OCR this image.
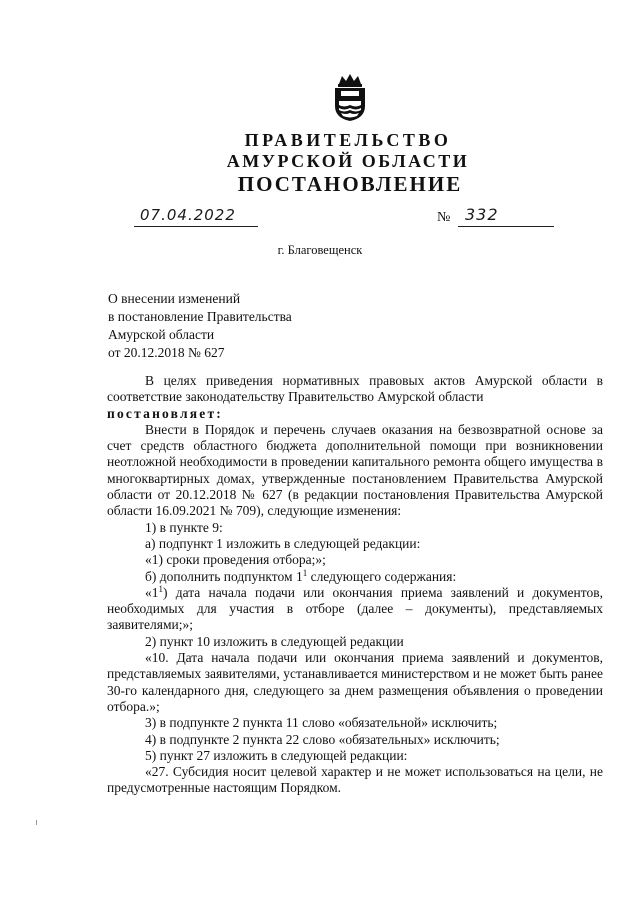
ПРАВИТЕЛЬСТВО
АМУРСКОЙ ОБЛАСТИ
ПОСТАНОВЛЕНИЕ
07.04.2022	№ 332
г. Благовещенск
О внесении изменений
в постановление Правительства
Амурской области
от 20.12.2018 № 627

В целях приведения нормативных правовых актов Амурской области в соответствие законодательству Правительство Амурской области

постановляет:

Внести в Порядок и перечень случаев оказания на безвозвратной основе за счет средств областного бюджета дополнительной помощи при возникновении неотложной необходимости в проведении капитального ремонта общего имущества в многоквартирных домах, утвержденные постановлением Правительства Амурской области от 20.12.2018 № 627 (в редакции постановления Правительства Амурской области 16.09.2021 № 709), следующие изменения:

1) в пункте 9:

а) подпункт 1 изложить в следующей редакции:

«1) сроки проведения отбора;»;

б) дополнить подпунктом $1^1$ следующего содержания:

«$1^1$) дата начала подачи или окончания приема заявлений и документов, необходимых для участия в отборе (далее – документы), представляемых заявителями;»;

2) пункт 10 изложить в следующей редакции

«10. Дата начала подачи или окончания приема заявлений и документов, представляемых заявителями, устанавливается министерством и не может быть ранее 30-го календарного дня, следующего за днем размещения объявления о проведении отбора.»;

3) в подпункте 2 пункта 11 слово «обязательной» исключить;

4) в подпункте 2 пункта 22 слово «обязательных» исключить;

5) пункт 27 изложить в следующей редакции:

«27. Субсидия носит целевой характер и не может использоваться на цели, не предусмотренные настоящим Порядком.
